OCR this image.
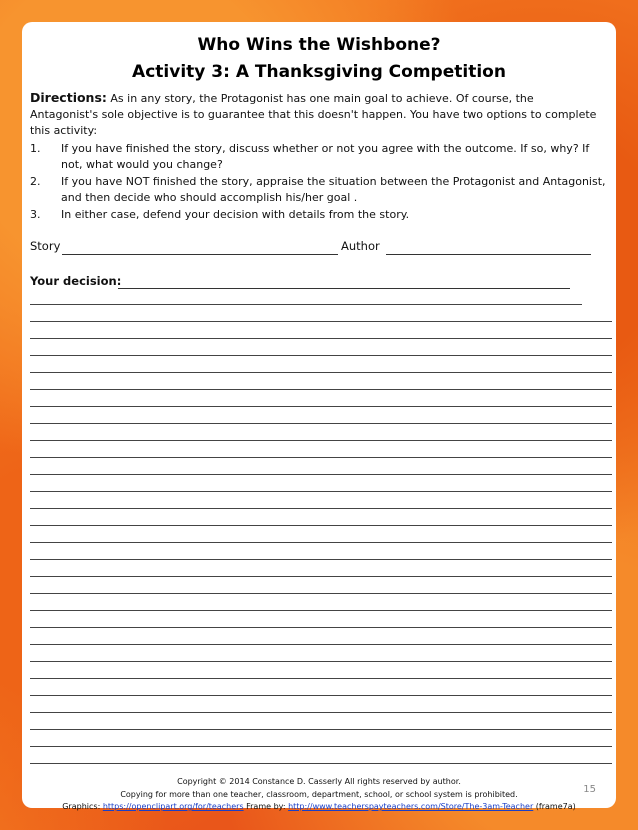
Who Wins the Wishbone?
Activity 3: A Thanksgiving Competition
Directions: As in any story, the Protagonist has one main goal to achieve. Of course, the Antagonist's sole objective is to guarantee that this doesn't happen. You have two options to complete this activity:
1. If you have finished the story, discuss whether or not you agree with the outcome. If so, why? If not, what would you change?
2. If you have NOT finished the story, appraise the situation between the Protagonist and Antagonist, and then decide who should accomplish his/her goal .
3. In either case, defend your decision with details from the story.
Story	Author
Your decision:
Copyright © 2014 Constance D. Casserly All rights reserved by author.
Copying for more than one teacher, classroom, department, school, or school system is prohibited.
Graphics: https://openclipart.org/for/teachers Frame by: http://www.teacherspayteachers.com/Store/The-3am-Teacher (frame7a)
15
